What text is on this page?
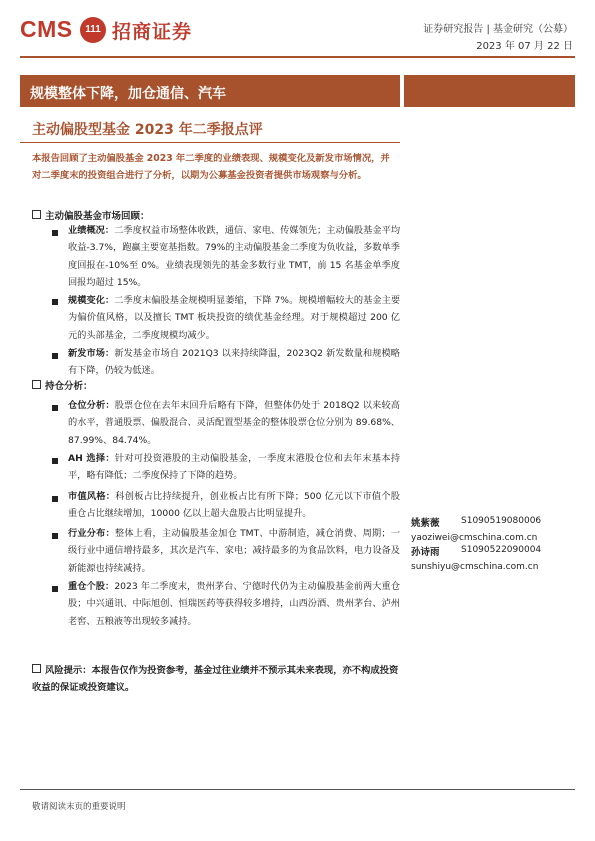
CMS	111 招商证券	证券研究报告 | 基金研究（公募）
2023 年 07 月 22 日
规模整体下降，加仓通信、汽车
主动偏股型基金 2023 年二季报点评
本报告回顾了主动偏股基金 2023 年二季度的业绩表现、规模变化及新发市场情况，并对二季度末的投资组合进行了分析，以期为公募基金投资者提供市场观察与分析。
主动偏股基金市场回顾：
业绩概况：二季度权益市场整体收跌，通信、家电、传媒领先；主动偏股基金平均收益-3.7%，跑赢主要宽基指数。79%的主动偏股基金二季度为负收益，多数单季度回报在-10%至 0%。业绩表现领先的基金多数行业 TMT，前 15 名基金单季度回报均超过 15%。
规模变化：二季度末偏股基金规模明显萎缩，下降 7%。规模增幅较大的基金主要为偏价值风格，以及擅长 TMT 板块投资的绩优基金经理。对于规模超过 200 亿元的头部基金，二季度规模均减少。
新发市场：新发基金市场自 2021Q3 以来持续降温，2023Q2 新发数量和规模略有下降，仍较为低迷。
持仓分析：
仓位分析：股票仓位在去年末回升后略有下降，但整体仍处于 2018Q2 以来较高的水平，普通股票、偏股混合、灵活配置型基金的整体股票仓位分别为 89.68%、87.99%、84.74%。
AH 选择：针对可投资港股的主动偏股基金，一季度末港股仓位和去年末基本持平，略有降低；二季度保持了下降的趋势。
市值风格：科创板占比持续提升，创业板占比有所下降；500 亿元以下市值个股重仓占比继续增加，10000 亿以上超大盘股占比明显提升。
行业分布：整体上看，主动偏股基金加仓 TMT、中游制造，减仓消费、周期；一级行业中通信增持最多，其次是汽车、家电；减持最多的为食品饮料，电力设备及新能源也持续减持。
重仓个股：2023 年二季度末，贵州茅台、宁德时代仍为主动偏股基金前两大重仓股；中兴通讯、中际旭创、恒瑞医药等获得较多增持，山西汾酒、贵州茅台、泸州老窖、五粮液等出现较多减持。
姚紫薇 S1090519080006
yaoziwei@cmschina.com.cn
孙诗雨 S1090522090004
sunshiyu@cmschina.com.cn
风险提示：本报告仅作为投资参考，基金过往业绩并不预示其未来表现，亦不构成投资收益的保证或投资建议。
敬请阅读末页的重要说明
